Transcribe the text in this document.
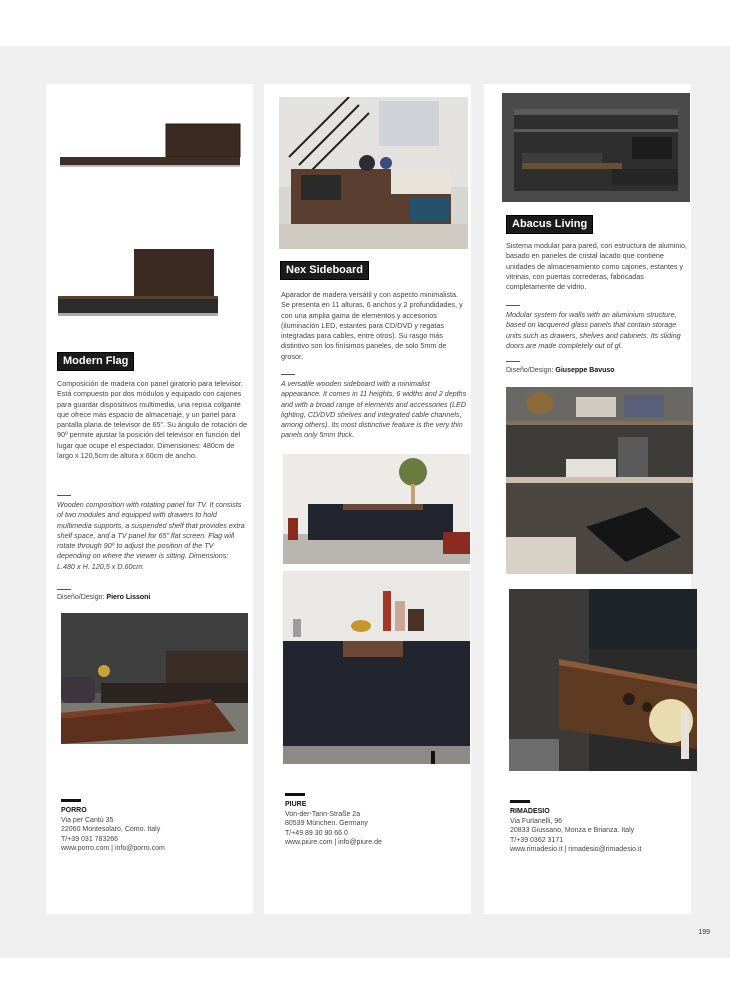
Modern Flag
Composición de madera con panel giratorio para televisor. Está compuesto por dos módulos y equipado con cajones para guardar dispositivos multimedia, una repisa colgante que ofrece más espacio de almacenaje, y un panel para pantalla plana de televisor de 65". Su ángulo de rotación de 90º permite ajustar la posición del televisor en función del lugar que ocupe el espectador. Dimensiones: 480cm de largo x 120,5cm de altura x 60cm de ancho.
Wooden composition with rotating panel for TV. It consists of two modules and equipped with drawers to hold multimedia supports, a suspended shelf that provides extra shelf space, and a TV panel for 65" flat screen. Flag will rotate through 90º to adjust the position of the TV depending on where the viewer is sitting. Dimensions: L.480 x H. 120,5 x D.60cm.
Diseño/Design: Piero Lissoni
PORRO
Via per Cantù 35
22060 Montesolaro, Como. Italy
T/+39 031 783266
www.porro.com | info@porro.com
Nex Sideboard
Aparador de madera versátil y con aspecto minimalista. Se presenta en 11 alturas, 6 anchos y 2 profundidades, y con una amplia gama de elementos y accesorios (iluminación LED, estantes para CD/DVD y regatas integradas para cables, entre otros). Su rasgo más distintivo son los finísimos paneles, de solo 5mm de grosor.
A versatile wooden sideboard with a minimalist appearance. It comes in 11 heights, 6 widths and 2 depths and with a broad range of elements and accessories (LED lighting, CD/DVD shelves and integrated cable channels, among others). Its most distinctive feature is the very thin panels only 5mm thick.
PIURE
Von-der-Tann-Straße 2a
80539 München. Germany
T/+49 89 30 90 66 0
www.piure.com | info@piure.de
Abacus Living
Sistema modular para pared, con estructura de aluminio, basado en paneles de cristal lacado que contiene unidades de almacenamiento como cajones, estantes y vitrinas, con puertas correderas, fabricadas completamente de vidrio.
Modular system for walls with an aluminium structure, based on lacquered glass panels that contain storage units such as drawers, shelves and cabinets. Its sliding doors are made completely out of gl.
Diseño/Design: Giuseppe Bavuso
RIMADESIO
Via Furlanelli, 96
20833 Giussano, Monza e Brianza. Italy
T/+39 0362 3171
www.rimadesio.it | rimadesio@rimadesio.it
199
